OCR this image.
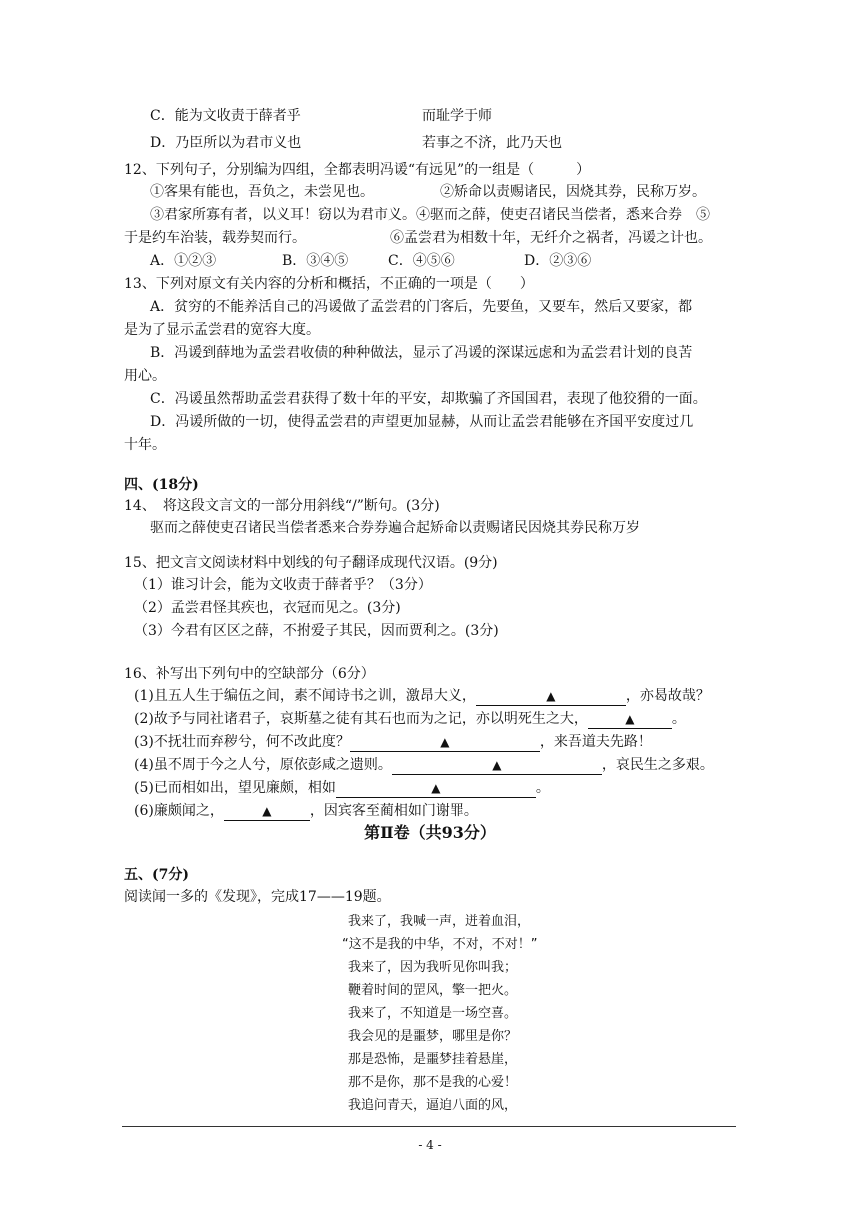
C．能为文收责于薛者乎	而耻学于师
D．乃臣所以为君市义也	若事之不济，此乃天也
12、下列句子，分别编为四组，全都表明冯谖“有远见”的一组是（　　　）
①客果有能也，吾负之，未尝见也。	②矫命以责赐诸民，因烧其券，民称万岁。
③君家所寡有者，以义耳！窃以为君市义。④驱而之薛，使吏召诸民当偿者，悉来合券　⑤
于是约车治装，载券契而行。	⑥孟尝君为相数十年，无纤介之祸者，冯谖之计也。
A．①②③	B．③④⑤	C．④⑤⑥	D．②③⑥
13、下列对原文有关内容的分析和概括，不正确的一项是（　　）
A．贫穷的不能养活自己的冯谖做了孟尝君的门客后，先要鱼，又要车，然后又要家，都
是为了显示孟尝君的宽容大度。
B．冯谖到薛地为孟尝君收债的种种做法，显示了冯谖的深谋远虑和为孟尝君计划的良苦
用心。
C．冯谖虽然帮助孟尝君获得了数十年的平安，却欺骗了齐国国君，表现了他狡猾的一面。
D．冯谖所做的一切，使得孟尝君的声望更加显赫，从而让孟尝君能够在齐国平安度过几
十年。
四、(18分)
14、　将这段文言文的一部分用斜线“/”断句。(3分)
驱而之薛使吏召诸民当偿者悉来合券券遍合起矫命以责赐诸民因烧其券民称万岁
15、把文言文阅读材料中划线的句子翻译成现代汉语。(9分)
（1）谁习计会，能为文收责于薛者乎？（3分）
（2）孟尝君怪其疾也，衣冠而见之。(3分)
（3）今君有区区之薛，不拊爱子其民，因而贾利之。(3分)
16、补写出下列句中的空缺部分（6分）
(1)且五人生于编伍之间，素不闻诗书之训，激昂大义，	▲	，亦曷故哉？
(2)故予与同社诸君子，哀斯墓之徒有其石也而为之记，亦以明死生之大，	▲	。
(3)不抚壮而弃秽兮，何不改此度？	▲	，来吾道夫先路！
(4)虽不周于今之人兮，原依彭咸之遗则。	▲	，哀民生之多艰。
(5)已而相如出，望见廉颇，相如	▲	。
(6)廉颇闻之，	▲	，因宾客至蔺相如门谢罪。
第Ⅱ卷（共93分）
五、(7分)
阅读闻一多的《发现》，完成17——19题。
我来了，我喊一声，迸着血泪，
“这不是我的中华，不对，不对！”
我来了，因为我听见你叫我；
鞭着时间的罡风，擎一把火。
我来了，不知道是一场空喜。
我会见的是噩梦，哪里是你？
那是恐怖，是噩梦挂着悬崖，
那不是你，那不是我的心爱！
我追问青天，逼迫八面的风，
- 4 -
